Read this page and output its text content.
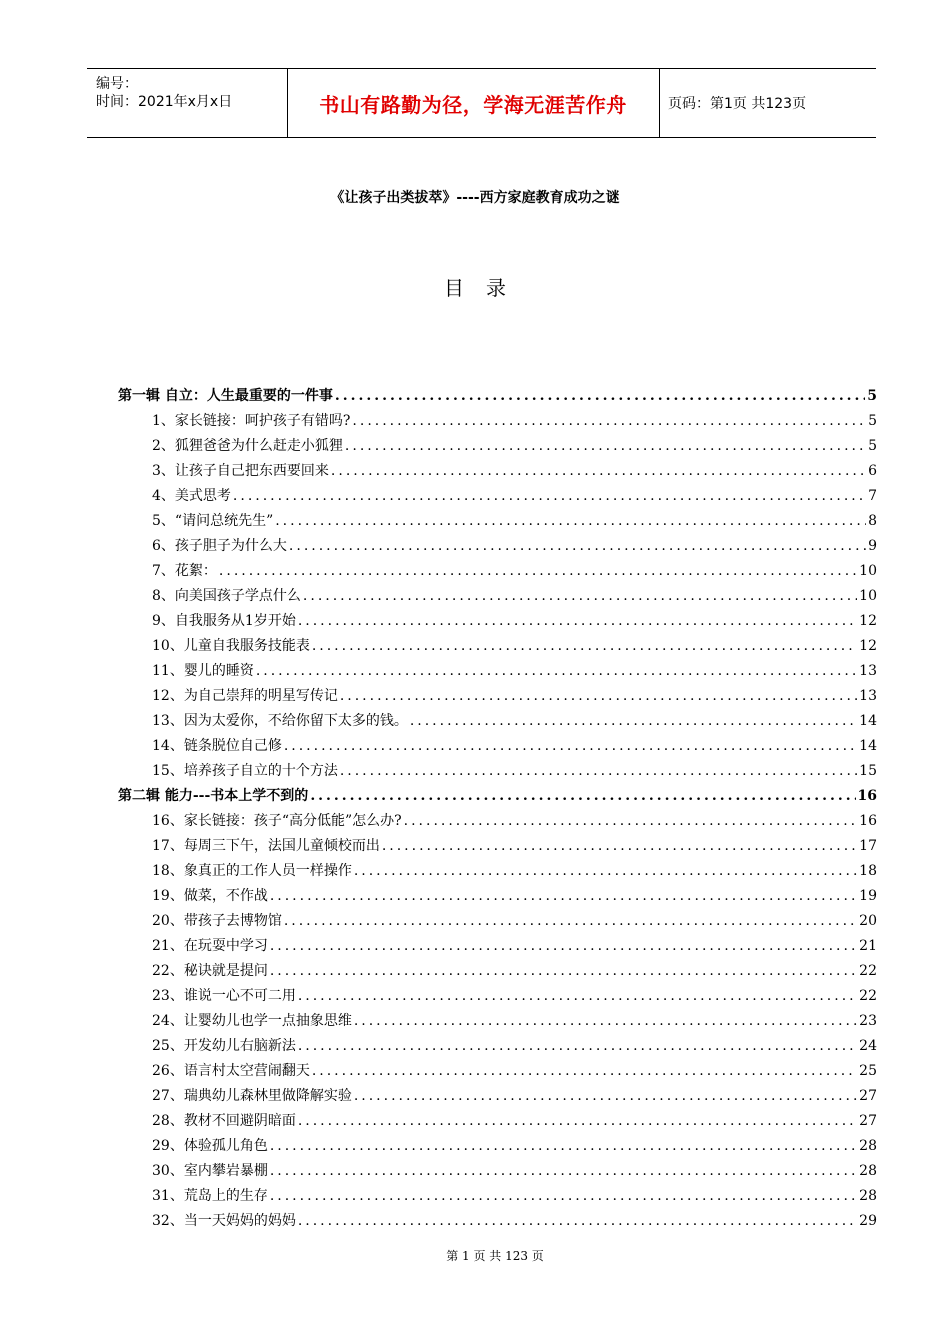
编号：
时间：2021年x月x日	书山有路勤为径，学海无涯苦作舟	页码：第1页 共123页
《让孩子出类拔萃》----西方家庭教育成功之谜
目录
第一辑 自立：人生最重要的一件事 .....	5
1、家长链接：呵护孩子有错吗? .....	5
2、狐狸爸爸为什么赶走小狐狸 .....	5
3、让孩子自己把东西要回来 .....	6
4、美式思考 .....	7
5、“请问总统先生” .....	8
6、孩子胆子为什么大 .....	9
7、花絮： .....	10
8、向美国孩子学点什么 .....	10
9、自我服务从1岁开始 .....	12
10、儿童自我服务技能表 .....	12
11、婴儿的睡资 .....	13
12、为自己崇拜的明星写传记 .....	13
13、因为太爱你，不给你留下太多的钱。 .....	14
14、链条脱位自己修 .....	14
15、培养孩子自立的十个方法 .....	15
第二辑 能力---书本上学不到的 .....	16
16、家长链接：孩子“高分低能”怎么办? .....	16
17、每周三下午，法国儿童倾校而出 .....	17
18、象真正的工作人员一样操作 .....	18
19、做菜，不作战 .....	19
20、带孩子去博物馆 .....	20
21、在玩耍中学习 .....	21
22、秘诀就是提问 .....	22
23、谁说一心不可二用 .....	22
24、让婴幼儿也学一点抽象思维 .....	23
25、开发幼儿右脑新法 .....	24
26、语言村太空营闹翻天 .....	25
27、瑞典幼儿森林里做降解实验 .....	27
28、教材不回避阴暗面 .....	27
29、体验孤儿角色 .....	28
30、室内攀岩暴棚 .....	28
31、荒岛上的生存 .....	28
32、当一天妈妈的妈妈 .....	29
第 1 页 共 123 页
